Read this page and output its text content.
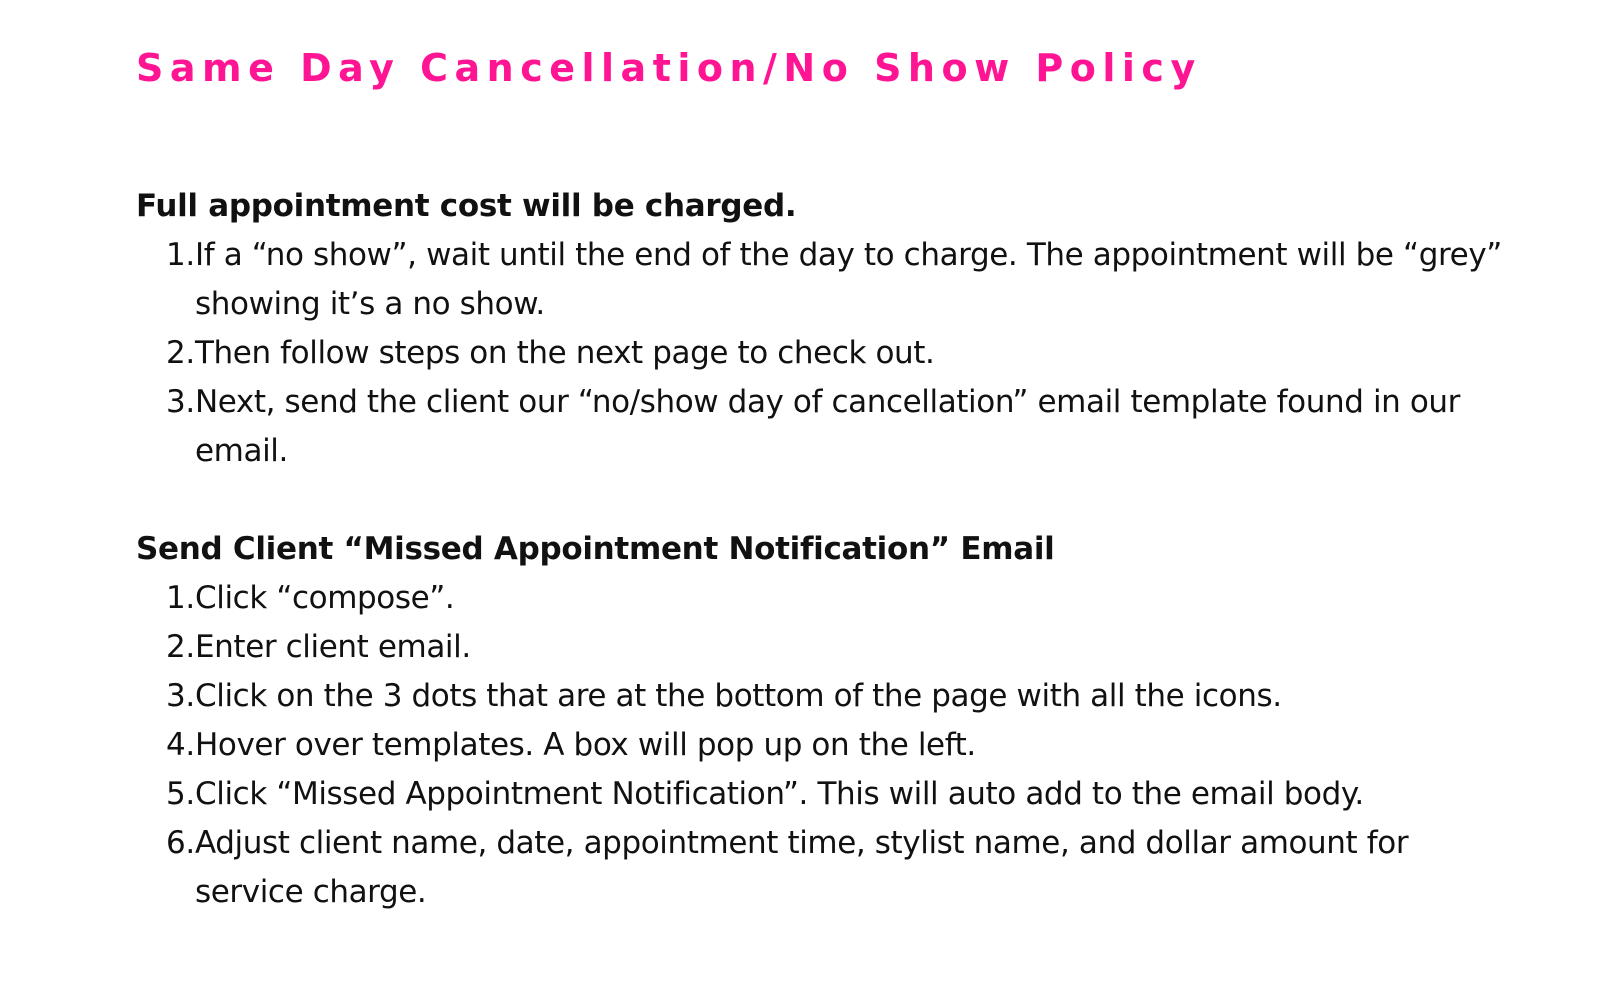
Same Day Cancellation/No Show Policy
Full appointment cost will be charged.
1. If a “no show”, wait until the end of the day to charge. The appointment will be “grey” showing it’s a no show.
2. Then follow steps on the next page to check out.
3. Next, send the client our “no/show day of cancellation” email template found in our email.
Send Client “Missed Appointment Notification” Email
1. Click “compose”.
2. Enter client email.
3. Click on the 3 dots that are at the bottom of the page with all the icons.
4. Hover over templates. A box will pop up on the left.
5. Click “Missed Appointment Notification”. This will auto add to the email body.
6. Adjust client name, date, appointment time, stylist name, and dollar amount for service charge.
